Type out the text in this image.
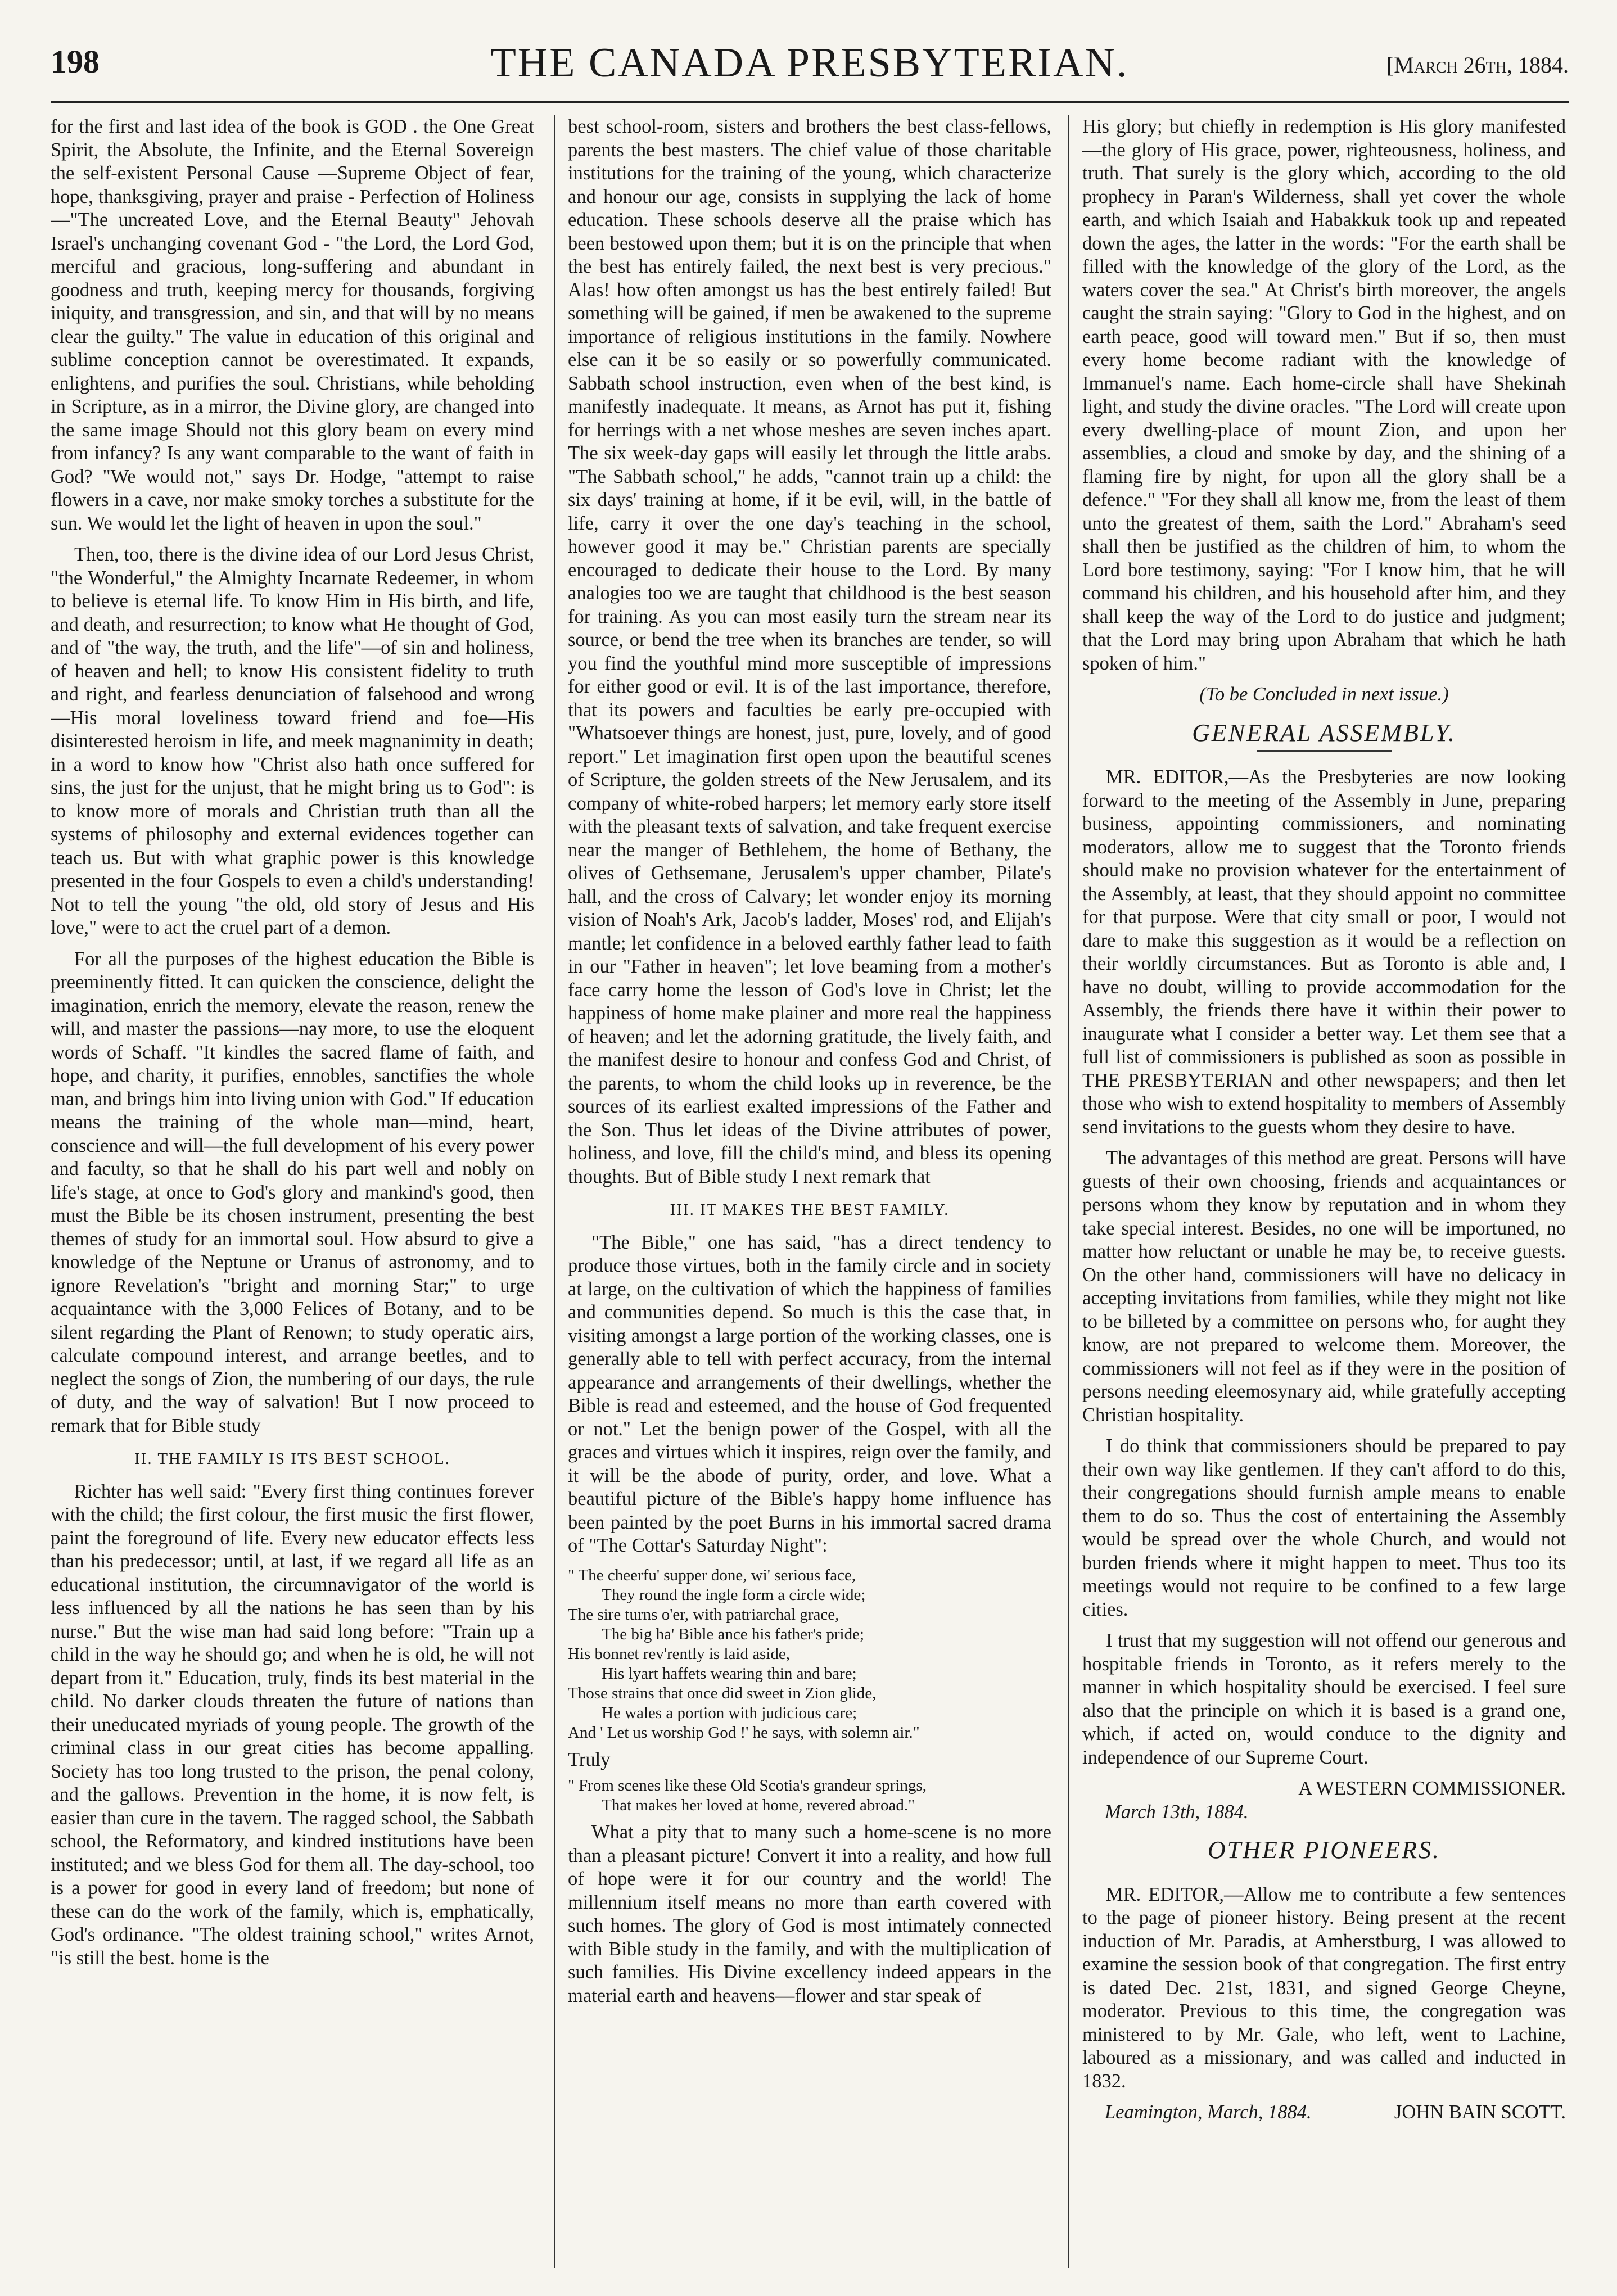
198	THE CANADA PRESBYTERIAN.	[March 26th, 1884.

for the first and last idea of the book is GOD . the One Great Spirit, the Absolute, the Infinite, and the Eternal Sovereign the self-existent Personal Cause —Supreme Object of fear, hope, thanksgiving, prayer and praise - Perfection of Holiness—"The uncreated Love, and the Eternal Beauty" Jehovah Israel's unchanging covenant God - "the Lord, the Lord God, merciful and gracious, long-suffering and abundant in goodness and truth, keeping mercy for thousands, forgiving iniquity, and transgression, and sin, and that will by no means clear the guilty." The value in education of this original and sublime conception cannot be overestimated. It expands, enlightens, and purifies the soul. Christians, while beholding in Scripture, as in a mirror, the Divine glory, are changed into the same image Should not this glory beam on every mind from infancy? Is any want comparable to the want of faith in God? "We would not," says Dr. Hodge, "attempt to raise flowers in a cave, nor make smoky torches a substitute for the sun. We would let the light of heaven in upon the soul."

Then, too, there is the divine idea of our Lord Jesus Christ, "the Wonderful," the Almighty Incarnate Redeemer, in whom to believe is eternal life. To know Him in His birth, and life, and death, and resurrection; to know what He thought of God, and of "the way, the truth, and the life"—of sin and holiness, of heaven and hell; to know His consistent fidelity to truth and right, and fearless denunciation of falsehood and wrong—His moral loveliness toward friend and foe—His disinterested heroism in life, and meek magnanimity in death; in a word to know how "Christ also hath once suffered for sins, the just for the unjust, that he might bring us to God": is to know more of morals and Christian truth than all the systems of philosophy and external evidences together can teach us. But with what graphic power is this knowledge presented in the four Gospels to even a child's understanding! Not to tell the young "the old, old story of Jesus and His love," were to act the cruel part of a demon.

For all the purposes of the highest education the Bible is preeminently fitted. It can quicken the conscience, delight the imagination, enrich the memory, elevate the reason, renew the will, and master the passions—nay more, to use the eloquent words of Schaff. "It kindles the sacred flame of faith, and hope, and charity, it purifies, ennobles, sanctifies the whole man, and brings him into living union with God." If education means the training of the whole man—mind, heart, conscience and will—the full development of his every power and faculty, so that he shall do his part well and nobly on life's stage, at once to God's glory and mankind's good, then must the Bible be its chosen instrument, presenting the best themes of study for an immortal soul. How absurd to give a knowledge of the Neptune or Uranus of astronomy, and to ignore Revelation's "bright and morning Star;" to urge acquaintance with the 3,000 Felices of Botany, and to be silent regarding the Plant of Renown; to study operatic airs, calculate compound interest, and arrange beetles, and to neglect the songs of Zion, the numbering of our days, the rule of duty, and the way of salvation! But I now proceed to remark that for Bible study

II. THE FAMILY IS ITS BEST SCHOOL.

Richter has well said: "Every first thing continues forever with the child; the first colour, the first music the first flower, paint the foreground of life. Every new educator effects less than his predecessor; until, at last, if we regard all life as an educational institution, the circumnavigator of the world is less influenced by all the nations he has seen than by his nurse." But the wise man had said long before: "Train up a child in the way he should go; and when he is old, he will not depart from it." Education, truly, finds its best material in the child. No darker clouds threaten the future of nations than their uneducated myriads of young people. The growth of the criminal class in our great cities has become appalling. Society has too long trusted to the prison, the penal colony, and the gallows. Prevention in the home, it is now felt, is easier than cure in the tavern. The ragged school, the Sabbath school, the Reformatory, and kindred institutions have been instituted; and we bless God for them all. The day-school, too is a power for good in every land of freedom; but none of these can do the work of the family, which is, emphatically, God's ordinance. "The oldest training school," writes Arnot, "is still the best. home is the

best school-room, sisters and brothers the best class-fellows, parents the best masters. The chief value of those charitable institutions for the training of the young, which characterize and honour our age, consists in supplying the lack of home education. These schools deserve all the praise which has been bestowed upon them; but it is on the principle that when the best has entirely failed, the next best is very precious." Alas! how often amongst us has the best entirely failed! But something will be gained, if men be awakened to the supreme importance of religious institutions in the family. Nowhere else can it be so easily or so powerfully communicated. Sabbath school instruction, even when of the best kind, is manifestly inadequate. It means, as Arnot has put it, fishing for herrings with a net whose meshes are seven inches apart. The six week-day gaps will easily let through the little arabs. "The Sabbath school," he adds, "cannot train up a child: the six days' training at home, if it be evil, will, in the battle of life, carry it over the one day's teaching in the school, however good it may be." Christian parents are specially encouraged to dedicate their house to the Lord. By many analogies too we are taught that childhood is the best season for training. As you can most easily turn the stream near its source, or bend the tree when its branches are tender, so will you find the youthful mind more susceptible of impressions for either good or evil. It is of the last importance, therefore, that its powers and faculties be early pre-occupied with "Whatsoever things are honest, just, pure, lovely, and of good report." Let imagination first open upon the beautiful scenes of Scripture, the golden streets of the New Jerusalem, and its company of white-robed harpers; let memory early store itself with the pleasant texts of salvation, and take frequent exercise near the manger of Bethlehem, the home of Bethany, the olives of Gethsemane, Jerusalem's upper chamber, Pilate's hall, and the cross of Calvary; let wonder enjoy its morning vision of Noah's Ark, Jacob's ladder, Moses' rod, and Elijah's mantle; let confidence in a beloved earthly father lead to faith in our "Father in heaven"; let love beaming from a mother's face carry home the lesson of God's love in Christ; let the happiness of home make plainer and more real the happiness of heaven; and let the adorning gratitude, the lively faith, and the manifest desire to honour and confess God and Christ, of the parents, to whom the child looks up in reverence, be the sources of its earliest exalted impressions of the Father and the Son. Thus let ideas of the Divine attributes of power, holiness, and love, fill the child's mind, and bless its opening thoughts. But of Bible study I next remark that

III. IT MAKES THE BEST FAMILY.

"The Bible," one has said, "has a direct tendency to produce those virtues, both in the family circle and in society at large, on the cultivation of which the happiness of families and communities depend. So much is this the case that, in visiting amongst a large portion of the working classes, one is generally able to tell with perfect accuracy, from the internal appearance and arrangements of their dwellings, whether the Bible is read and esteemed, and the house of God frequented or not." Let the benign power of the Gospel, with all the graces and virtues which it inspires, reign over the family, and it will be the abode of purity, order, and love. What a beautiful picture of the Bible's happy home influence has been painted by the poet Burns in his immortal sacred drama of "The Cottar's Saturday Night":

" The cheerfu' supper done, wi' serious face,
They round the ingle form a circle wide;
The sire turns o'er, with patriarchal grace,
The big ha' Bible ance his father's pride;
His bonnet rev'rently is laid aside,
His lyart haffets wearing thin and bare;
Those strains that once did sweet in Zion glide,
He wales a portion with judicious care;
And ' Let us worship God !' he says, with solemn air."
Truly
" From scenes like these Old Scotia's grandeur springs,
That makes her loved at home, revered abroad."

What a pity that to many such a home-scene is no more than a pleasant picture! Convert it into a reality, and how full of hope were it for our country and the world! The millennium itself means no more than earth covered with such homes. The glory of God is most intimately connected with Bible study in the family, and with the multiplication of such families. His Divine excellency indeed appears in the material earth and heavens—flower and star speak of

His glory; but chiefly in redemption is His glory manifested—the glory of His grace, power, righteousness, holiness, and truth. That surely is the glory which, according to the old prophecy in Paran's Wilderness, shall yet cover the whole earth, and which Isaiah and Habakkuk took up and repeated down the ages, the latter in the words: "For the earth shall be filled with the knowledge of the glory of the Lord, as the waters cover the sea." At Christ's birth moreover, the angels caught the strain saying: "Glory to God in the highest, and on earth peace, good will toward men." But if so, then must every home become radiant with the knowledge of Immanuel's name. Each home-circle shall have Shekinah light, and study the divine oracles. "The Lord will create upon every dwelling-place of mount Zion, and upon her assemblies, a cloud and smoke by day, and the shining of a flaming fire by night, for upon all the glory shall be a defence." "For they shall all know me, from the least of them unto the greatest of them, saith the Lord." Abraham's seed shall then be justified as the children of him, to whom the Lord bore testimony, saying: "For I know him, that he will command his children, and his household after him, and they shall keep the way of the Lord to do justice and judgment; that the Lord may bring upon Abraham that which he hath spoken of him."

(To be Concluded in next issue.)
GENERAL ASSEMBLY.

MR. EDITOR,—As the Presbyteries are now looking forward to the meeting of the Assembly in June, preparing business, appointing commissioners, and nominating moderators, allow me to suggest that the Toronto friends should make no provision whatever for the entertainment of the Assembly, at least, that they should appoint no committee for that purpose. Were that city small or poor, I would not dare to make this suggestion as it would be a reflection on their worldly circumstances. But as Toronto is able and, I have no doubt, willing to provide accommodation for the Assembly, the friends there have it within their power to inaugurate what I consider a better way. Let them see that a full list of commissioners is published as soon as possible in THE PRESBYTERIAN and other newspapers; and then let those who wish to extend hospitality to members of Assembly send invitations to the guests whom they desire to have.

The advantages of this method are great. Persons will have guests of their own choosing, friends and acquaintances or persons whom they know by reputation and in whom they take special interest. Besides, no one will be importuned, no matter how reluctant or unable he may be, to receive guests. On the other hand, commissioners will have no delicacy in accepting invitations from families, while they might not like to be billeted by a committee on persons who, for aught they know, are not prepared to welcome them. Moreover, the commissioners will not feel as if they were in the position of persons needing eleemosynary aid, while gratefully accepting Christian hospitality.

I do think that commissioners should be prepared to pay their own way like gentlemen. If they can't afford to do this, their congregations should furnish ample means to enable them to do so. Thus the cost of entertaining the Assembly would be spread over the whole Church, and would not burden friends where it might happen to meet. Thus too its meetings would not require to be confined to a few large cities.

I trust that my suggestion will not offend our generous and hospitable friends in Toronto, as it refers merely to the manner in which hospitality should be exercised. I feel sure also that the principle on which it is based is a grand one, which, if acted on, would conduce to the dignity and independence of our Supreme Court.

A WESTERN COMMISSIONER.
March 13th, 1884.
OTHER PIONEERS.

MR. EDITOR,—Allow me to contribute a few sentences to the page of pioneer history. Being present at the recent induction of Mr. Paradis, at Amherstburg, I was allowed to examine the session book of that congregation. The first entry is dated Dec. 21st, 1831, and signed George Cheyne, moderator. Previous to this time, the congregation was ministered to by Mr. Gale, who left, went to Lachine, laboured as a missionary, and was called and inducted in 1832.

Leamington, March, 1884.	JOHN BAIN SCOTT.
